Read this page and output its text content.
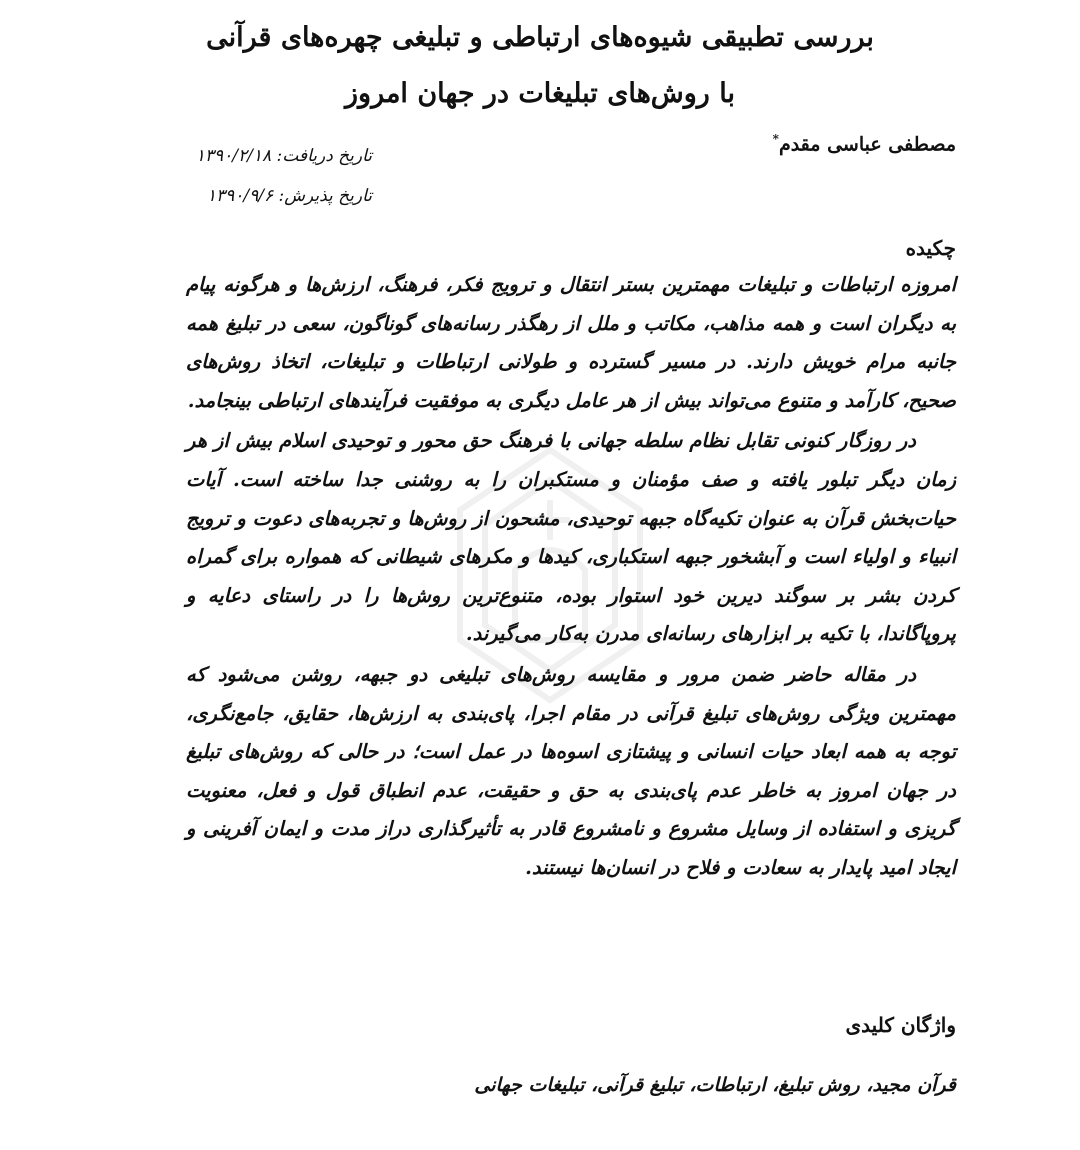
بررسی تطبیقی شیوه‌های ارتباطی و تبلیغی چهره‌های قرآنی
با روش‌های تبلیغات در جهان امروز
مصطفی عباسی مقدم*
تاریخ دریافت: ۱۳۹۰/۲/۱۸
تاریخ پذیرش: ۱۳۹۰/۹/۶
چکیده

امروزه ارتباطات و تبلیغات مهمترین بستر انتقال و ترویج فکر، فرهنگ، ارزش‌ها و هرگونه پیام به دیگران است و همه مذاهب، مکاتب و ملل از رهگذر رسانه‌های گوناگون، سعی در تبلیغ همه جانبه مرام خویش دارند. در مسیر گسترده و طولانی ارتباطات و تبلیغات، اتخاذ روش‌های صحیح، کارآمد و متنوع می‌تواند بیش از هر عامل دیگری به موفقیت فرآیندهای ارتباطی بینجامد.

در روزگار کنونی تقابل نظام سلطه جهانی با فرهنگ حق محور و توحیدی اسلام بیش از هر زمان دیگر تبلور یافته و صف مؤمنان و مستکبران را به روشنی جدا ساخته است. آیات حیات‌بخش قرآن به عنوان تکیه‌گاه جبهه توحیدی، مشحون از روش‌ها و تجربه‌های دعوت و ترویج انبیاء و اولیاء است و آبشخور جبهه استکباری، کیدها و مکرهای شیطانی که همواره برای گمراه کردن بشر بر سوگند دیرین خود استوار بوده، متنوع‌ترین روش‌ها را در راستای دعایه و پروپاگاندا، با تکیه بر ابزارهای رسانه‌ای مدرن به‌کار می‌گیرند.

در مقاله حاضر ضمن مرور و مقایسه روش‌های تبلیغی دو جبهه، روشن می‌شود که مهمترین ویژگی روش‌های تبلیغ قرآنی در مقام اجرا، پای‌بندی به ارزش‌ها، حقایق، جامع‌نگری، توجه به همه ابعاد حیات انسانی و پیشتازی اسوه‌ها در عمل است؛ در حالی که روش‌های تبلیغ در جهان امروز به خاطر عدم پای‌بندی به حق و حقیقت، عدم انطباق قول و فعل، معنویت گریزی و استفاده از وسایل مشروع و نامشروع قادر به تأثیرگذاری دراز مدت و ایمان آفرینی و ایجاد امید پایدار به سعادت و فلاح در انسان‌ها نیستند.

واژگان کلیدی
قرآن مجید، روش تبلیغ، ارتباطات، تبلیغ قرآنی، تبلیغات جهانی
